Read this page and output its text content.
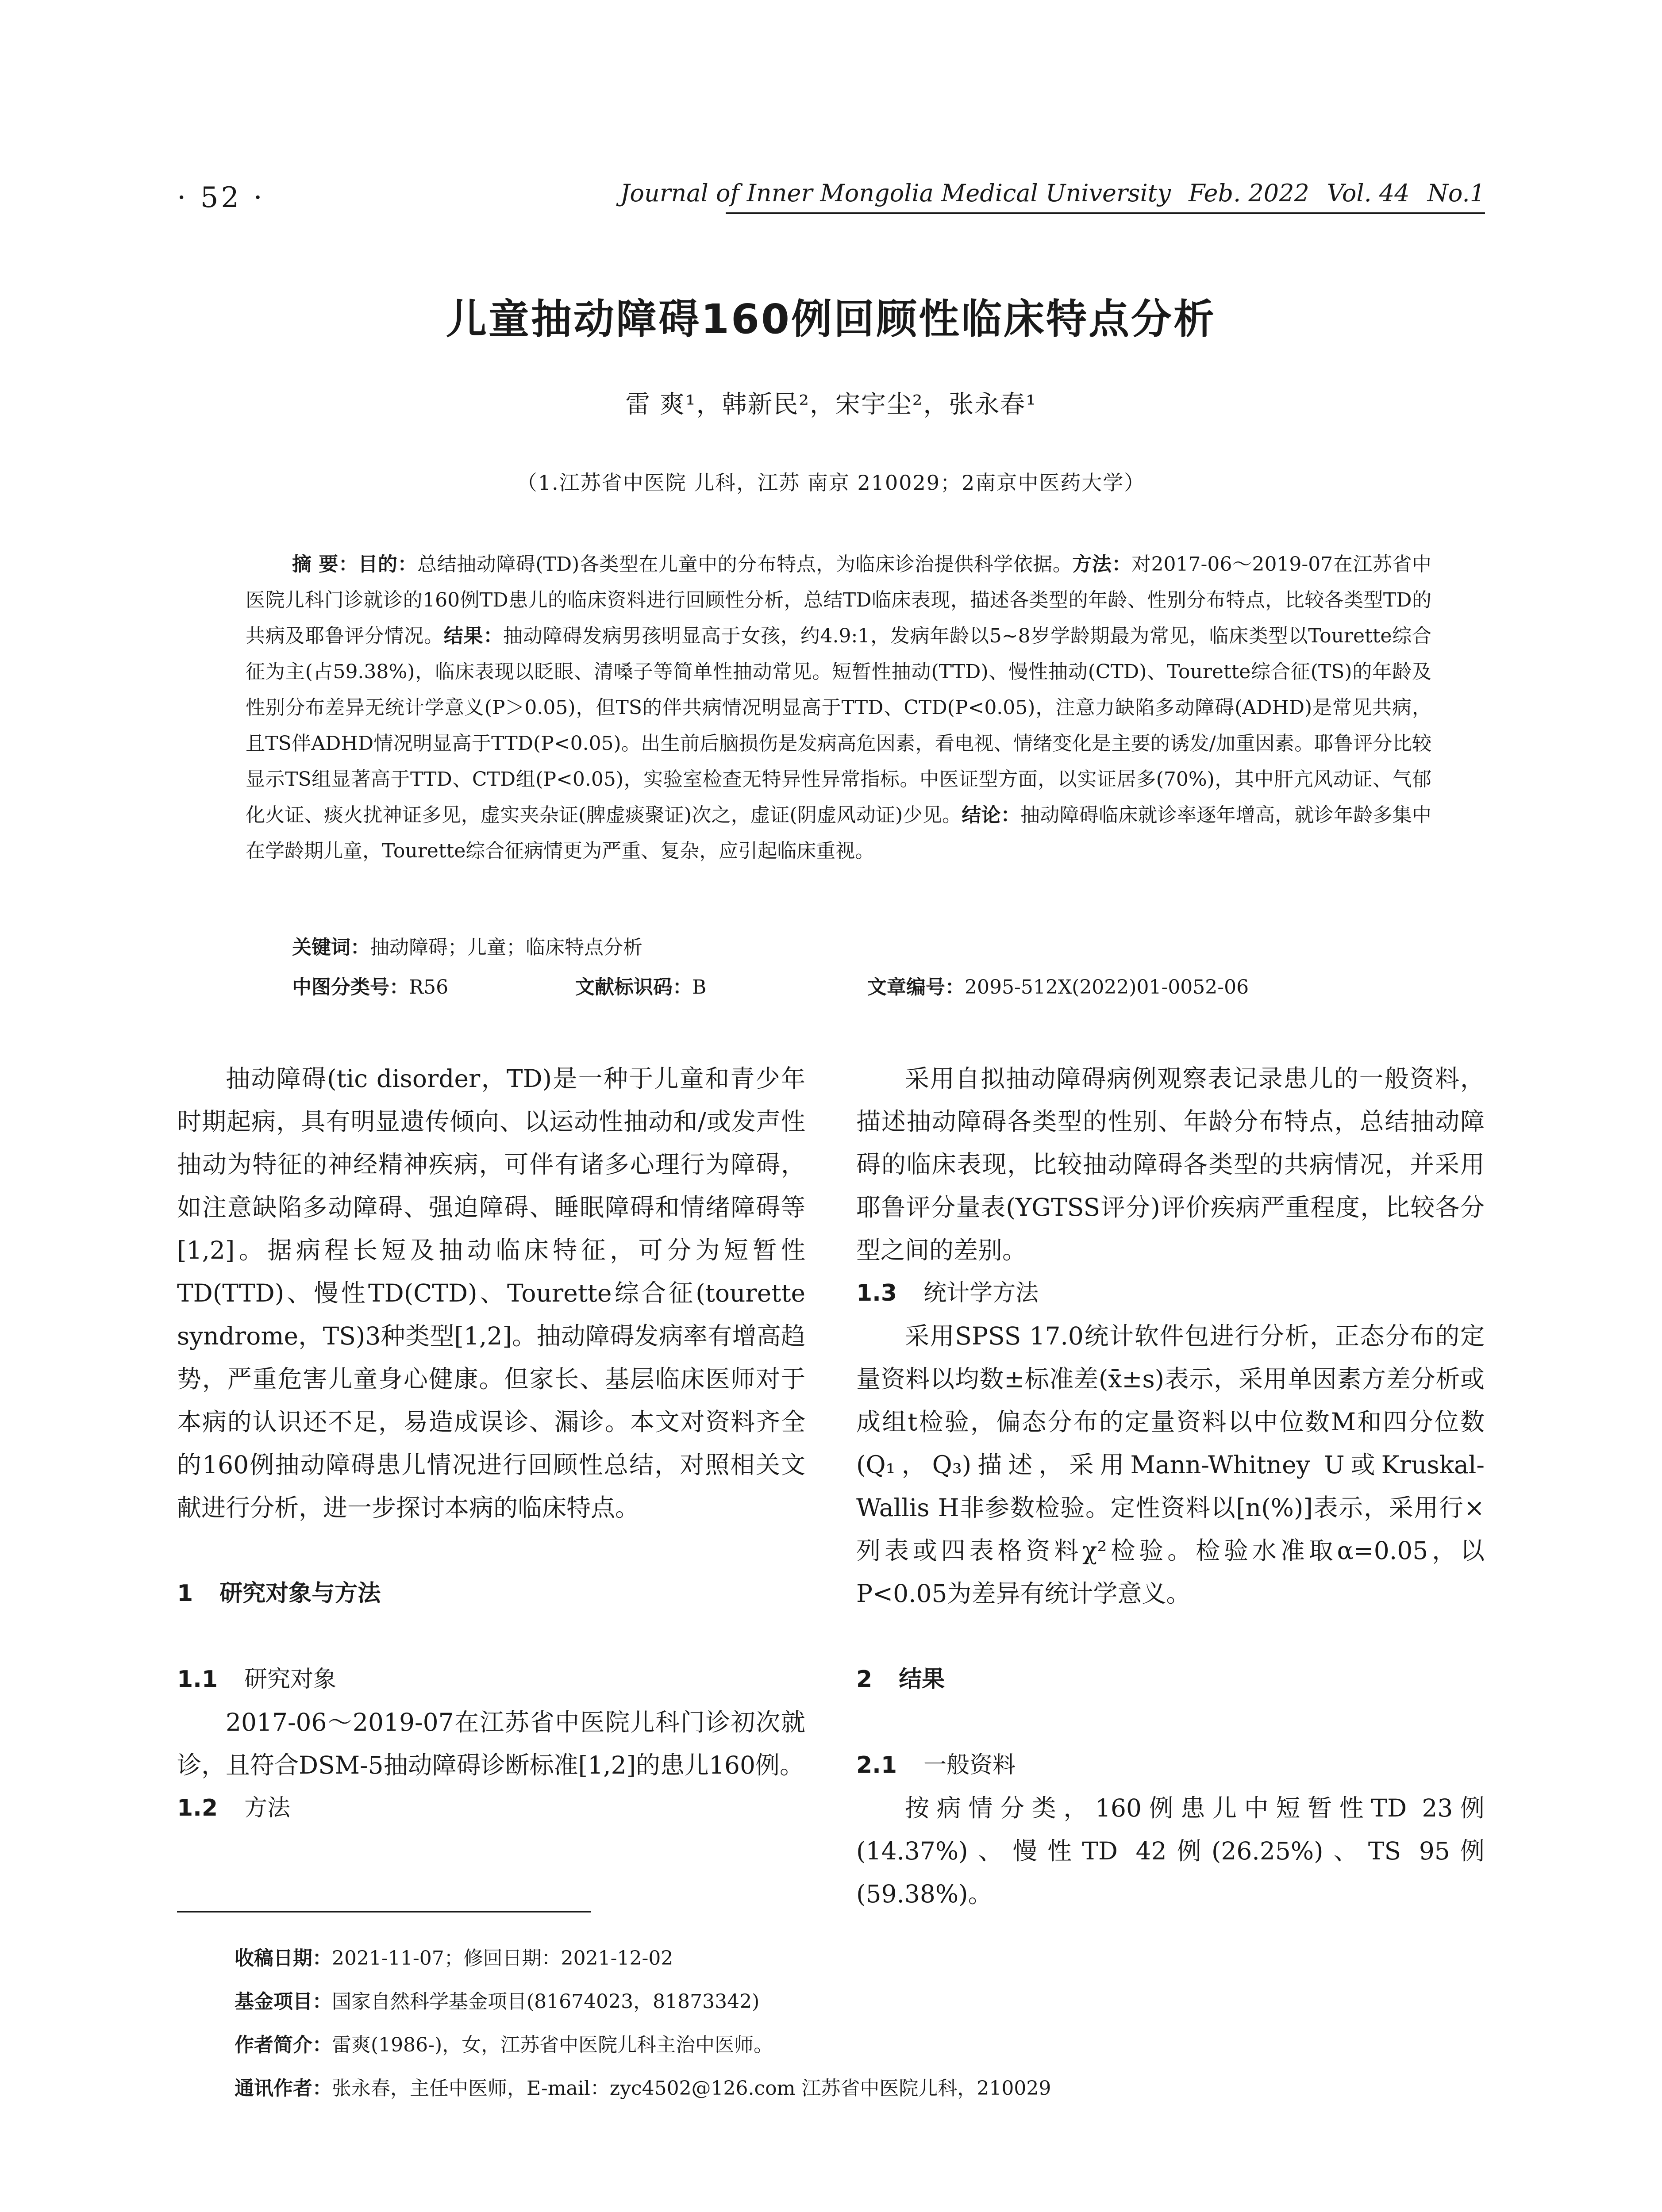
· 52 ·	Journal of Inner Mongolia Medical University Feb. 2022 Vol. 44 No.1
儿童抽动障碍160例回顾性临床特点分析
雷 爽¹，韩新民²，宋宇尘²，张永春¹
（1.江苏省中医院 儿科，江苏 南京 210029；2南京中医药大学）
摘 要：目的：总结抽动障碍(TD)各类型在儿童中的分布特点，为临床诊治提供科学依据。方法：对2017-06～2019-07在江苏省中医院儿科门诊就诊的160例TD患儿的临床资料进行回顾性分析，总结TD临床表现，描述各类型的年龄、性别分布特点，比较各类型TD的共病及耶鲁评分情况。结果：抽动障碍发病男孩明显高于女孩，约4.9:1，发病年龄以5~8岁学龄期最为常见，临床类型以Tourette综合征为主(占59.38%)，临床表现以眨眼、清嗓子等简单性抽动常见。短暂性抽动(TTD)、慢性抽动(CTD)、Tourette综合征(TS)的年龄及性别分布差异无统计学意义(P＞0.05)，但TS的伴共病情况明显高于TTD、CTD(P<0.05)，注意力缺陷多动障碍(ADHD)是常见共病，且TS伴ADHD情况明显高于TTD(P<0.05)。出生前后脑损伤是发病高危因素，看电视、情绪变化是主要的诱发/加重因素。耶鲁评分比较显示TS组显著高于TTD、CTD组(P<0.05)，实验室检查无特异性异常指标。中医证型方面，以实证居多(70%)，其中肝亢风动证、气郁化火证、痰火扰神证多见，虚实夹杂证(脾虚痰聚证)次之，虚证(阴虚风动证)少见。结论：抽动障碍临床就诊率逐年增高，就诊年龄多集中在学龄期儿童，Tourette综合征病情更为严重、复杂，应引起临床重视。
关键词：抽动障碍；儿童；临床特点分析
中图分类号：R56	文献标识码：B	文章编号：2095-512X(2022)01-0052-06

抽动障碍(tic disorder，TD)是一种于儿童和青少年时期起病，具有明显遗传倾向、以运动性抽动和/或发声性抽动为特征的神经精神疾病，可伴有诸多心理行为障碍，如注意缺陷多动障碍、强迫障碍、睡眠障碍和情绪障碍等[1,2]。据病程长短及抽动临床特征，可分为短暂性TD(TTD)、慢性TD(CTD)、Tourette综合征(tourette syndrome，TS)3种类型[1,2]。抽动障碍发病率有增高趋势，严重危害儿童身心健康。但家长、基层临床医师对于本病的认识还不足，易造成误诊、漏诊。本文对资料齐全的160例抽动障碍患儿情况进行回顾性总结，对照相关文献进行分析，进一步探讨本病的临床特点。

1 研究对象与方法
1.1 研究对象

2017-06～2019-07在江苏省中医院儿科门诊初次就诊，且符合DSM-5抽动障碍诊断标准[1,2]的患儿160例。

1.2 方法

采用自拟抽动障碍病例观察表记录患儿的一般资料，描述抽动障碍各类型的性别、年龄分布特点，总结抽动障碍的临床表现，比较抽动障碍各类型的共病情况，并采用耶鲁评分量表(YGTSS评分)评价疾病严重程度，比较各分型之间的差别。

1.3 统计学方法

采用SPSS 17.0统计软件包进行分析，正态分布的定量资料以均数±标准差(x̄±s)表示，采用单因素方差分析或成组t检验，偏态分布的定量资料以中位数M和四分位数(Q₁，Q₃)描述，采用Mann-Whitney U或Kruskal-Wallis H非参数检验。定性资料以[n(%)]表示，采用行×列表或四表格资料χ²检验。检验水准取α=0.05，以P<0.05为差异有统计学意义。

2 结果
2.1 一般资料

按病情分类，160例患儿中短暂性TD 23例(14.37%)、慢性TD 42例(26.25%)、TS 95例(59.38%)。

收稿日期：2021-11-07；修回日期：2021-12-02
基金项目：国家自然科学基金项目(81674023，81873342)
作者简介：雷爽(1986-)，女，江苏省中医院儿科主治中医师。
通讯作者：张永春，主任中医师，E-mail：zyc4502@126.com 江苏省中医院儿科，210029
